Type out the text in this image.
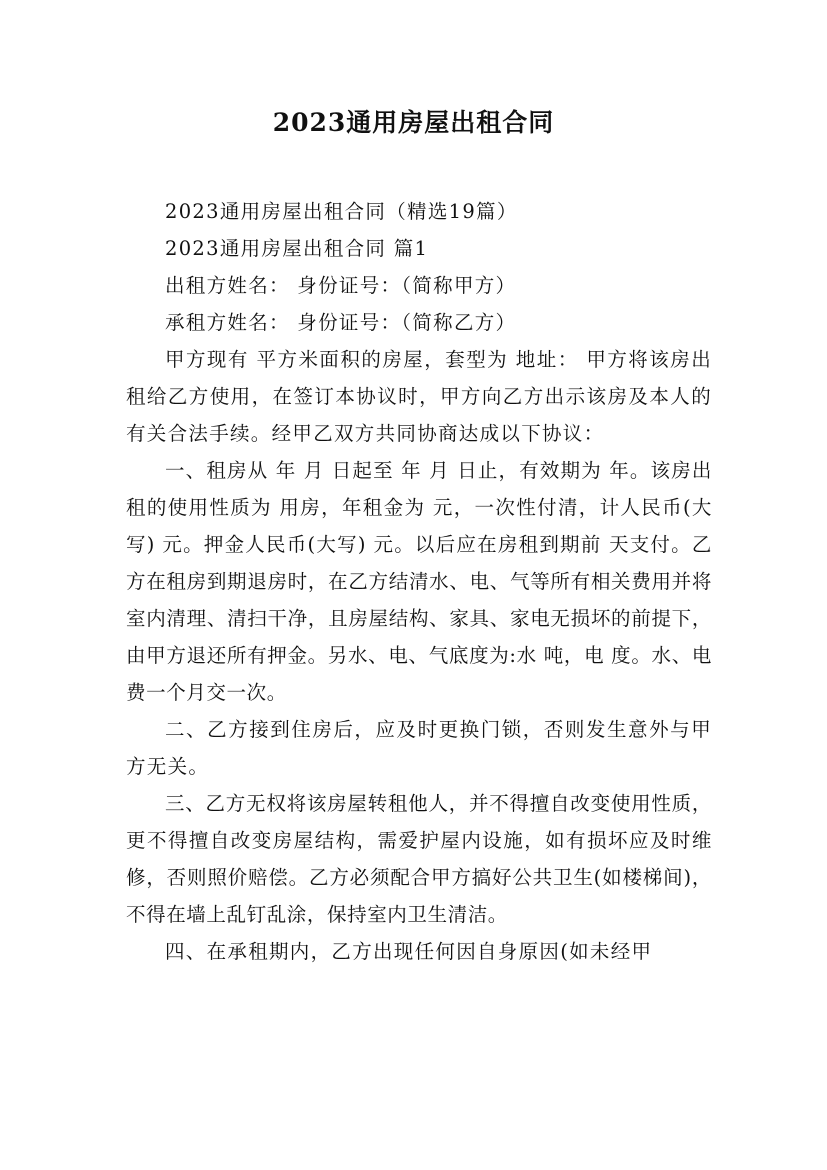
2023通用房屋出租合同

2023通用房屋出租合同（精选19篇）

2023通用房屋出租合同 篇1

出租方姓名： 身份证号：（简称甲方）

承租方姓名： 身份证号：（简称乙方）

甲方现有 平方米面积的房屋，套型为 地址： 甲方将该房出租给乙方使用，在签订本协议时，甲方向乙方出示该房及本人的有关合法手续。经甲乙双方共同协商达成以下协议：

一、租房从 年 月 日起至 年 月 日止，有效期为 年。该房出租的使用性质为 用房，年租金为 元，一次性付清，计人民币(大写) 元。押金人民币(大写) 元。以后应在房租到期前 天支付。乙方在租房到期退房时，在乙方结清水、电、气等所有相关费用并将室内清理、清扫干净，且房屋结构、家具、家电无损坏的前提下，由甲方退还所有押金。另水、电、气底度为:水 吨，电 度。水、电费一个月交一次。

二、乙方接到住房后，应及时更换门锁，否则发生意外与甲方无关。

三、乙方无权将该房屋转租他人，并不得擅自改变使用性质，更不得擅自改变房屋结构，需爱护屋内设施，如有损坏应及时维修，否则照价赔偿。乙方必须配合甲方搞好公共卫生(如楼梯间)，不得在墙上乱钉乱涂，保持室内卫生清洁。

四、在承租期内，乙方出现任何因自身原因(如未经甲
